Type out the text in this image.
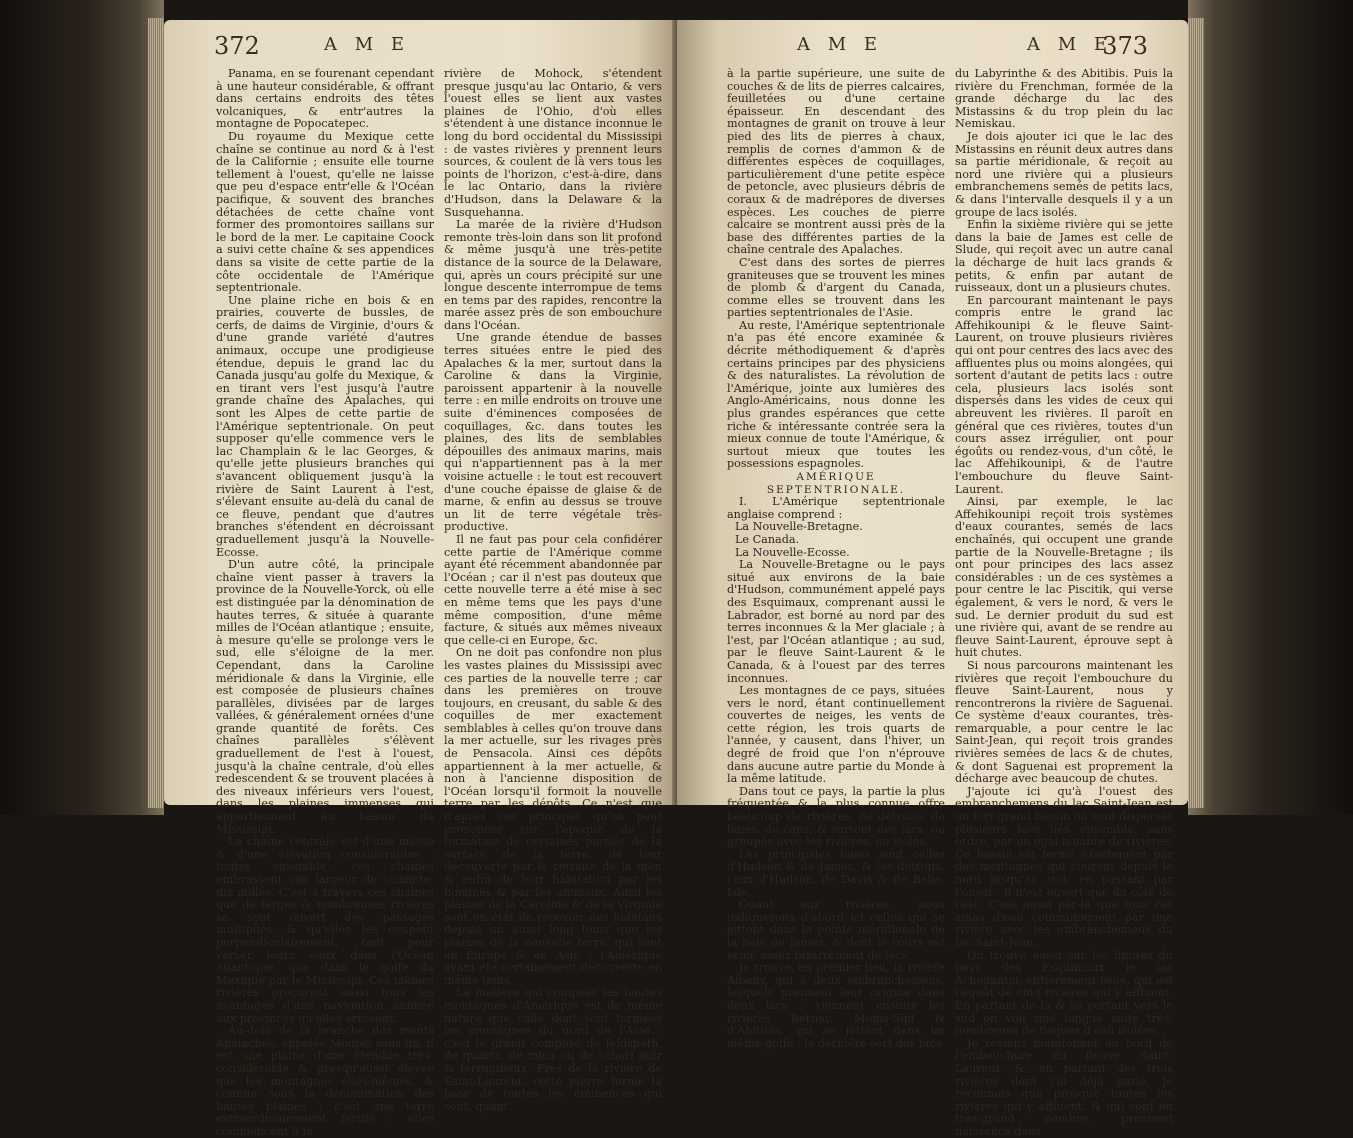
372	A M E

Panama, en se fourenant cependant à une hauteur considérable, & offrant dans certains endroits des têtes volcaniques, & entr'autres la montagne de Popocatepec.

Du royaume du Mexique cette chaîne se continue au nord & à l'est de la Californie ; ensuite elle tourne tellement à l'ouest, qu'elle ne laisse que peu d'espace entr'elle & l'Océan pacifique, & souvent des branches détachées de cette chaîne vont former des promontoires saillans sur le bord de la mer. Le capitaine Coock a suivi cette chaîne & ses appendices dans sa visite de cette partie de la côte occidentale de l'Amérique septentrionale.

Une plaine riche en bois & en prairies, couverte de bussles, de cerfs, de daims de Virginie, d'ours & d'une grande variété d'autres animaux, occupe une prodigieuse étendue, depuis le grand lac du Canada jusqu'au golfe du Mexique, & en tirant vers l'est jusqu'à l'autre grande chaîne des Apalaches, qui sont les Alpes de cette partie de l'Amérique septentrionale. On peut supposer qu'elle commence vers le lac Champlain & le lac Georges, & qu'elle jette plusieurs branches qui s'avancent obliquement jusqu'à la rivière de Saint Laurent à l'est, s'élevant ensuite au-delà du canal de ce fleuve, pendant que d'autres branches s'étendent en décroissant graduellement jusqu'à la Nouvelle-Ecosse.

D'un autre côté, la principale chaîne vient passer à travers la province de la Nouvelle-Yorck, où elle est distinguée par la dénomination de hautes terres, & située à quarante milles de l'Océan atlantique ; ensuite, à mesure qu'elle se prolonge vers le sud, elle s'éloigne de la mer. Cependant, dans la Caroline méridionale & dans la Virginie, elle est composée de plusieurs chaînes parallèles, divisées par de larges vallées, & généralement ornées d'une grande quantité de forêts. Ces chaînes parallèles s'élèvent graduellement de l'est à l'ouest, jusqu'à la chaîne centrale, d'où elles redescendent & se trouvent placées à des niveaux inférieurs vers l'ouest, dans les plaines immenses qui appartiennent au bassin du Mississipi.

La chaîne centrale est d'une masse & d'une élévation considérables : toutes ensemble, ces chaînes embrassent une largeur de soixante-dix milles. C'est à travers ces chaînes que de larges & nombreuses rivières se sont ouvert des passages multipliés, & qu'elles les coupent perpendiculairement, tant pour verser leurs eaux dans l'Océan atlantique, que dans le golfe du Mexique par le Mississipi. Ces mêmes rivières procurent aussi tous les avantages d'une navigation animée aux provinces qu'elles arrosent.

Au-delà de la branche des monts Apalaches, appelée Montes sans fin, il est une plaine d'une étendue très-considérable & presqu'aussi élevée que les montagnes elles-mêmes, & connue sous la dénomination des hautes plaines ; c'est une terre extraordinairement fertile : elles commencent à la

rivière de Mohock, s'étendent presque jusqu'au lac Ontario, & vers l'ouest elles se lient aux vastes plaines de l'Ohio, d'où elles s'étendent à une distance inconnue le long du bord occidental du Mississipi : de vastes rivières y prennent leurs sources, & coulent de là vers tous les points de l'horizon, c'est-à-dire, dans le lac Ontario, dans la rivière d'Hudson, dans la Delaware & la Susquehanna.

La marée de la rivière d'Hudson remonte très-loin dans son lit profond & même jusqu'à une très-petite distance de la source de la Delaware, qui, après un cours précipité sur une longue descente interrompue de tems en tems par des rapides, rencontre la marée assez près de son embouchure dans l'Océan.

Une grande étendue de basses terres situées entre le pied des Apalaches & la mer, surtout dans la Caroline & dans la Virginie, paroissent appartenir à la nouvelle terre : en mille endroits on trouve une suite d'éminences composées de coquillages, &c. dans toutes les plaines, des lits de semblables dépouilles des animaux marins, mais qui n'appartiennent pas à la mer voisine actuelle : le tout est recouvert d'une couche épaisse de glaise & de marne, & enfin au dessus se trouve un lit de terre végétale très-productive.

Il ne faut pas pour cela confidérer cette partie de l'Amérique comme ayant été récemment abandonnée par l'Océan ; car il n'est pas douteux que cette nouvelle terre a été mise à sec en même tems que les pays d'une même composition, d'une même facture, & situés aux mêmes niveaux que celle-ci en Europe, &c.

On ne doit pas confondre non plus les vastes plaines du Mississipi avec ces parties de la nouvelle terre ; car dans les premières on trouve toujours, en creusant, du sable & des coquilles de mer exactement semblables à celles qu'on trouve dans la mer actuelle, sur les rivages près de Pensacola. Ainsi ces dépôts appartiennent à la mer actuelle, & non à l'ancienne disposition de l'Océan lorsqu'il formoit la nouvelle terre par les dépôts. Ce n'est que d'après ces principes qu'on peut prononcer sur l'époque de la formation de certaines parties de la surface de la terre, de leur découverte par la retraite de la mer, & enfin de leur habitation par les hommes & par les animaux. Ainsi les plaines de la Caroline & de la Virginie sont en état de recevoir des habitans depuis un aussi long tems que les plaines de la nouvelle terre, qui sont en Europe & en Asie ; l'Amérique ayant été certainement découverte en même tems.

La matière qui compose les hautes montagnes d'Amérique est de même nature que celle dont sont formées les montagnes du nord de l'Asie : c'est le granit composé de feldspath, de quartz, de mica ou de schorl noir & ferrugineux. Près de la rivière de Saint-Laurent, cette pierre forme la base de toutes les éminences qui sont, quant

A M E	A M E
373

à la partie supérieure, une suite de couches & de lits de pierres calcaires, feuilletées ou d'une certaine épaisseur. En descendant des montagnes de granit on trouve à leur pied des lits de pierres à chaux, remplis de cornes d'ammon & de différentes espèces de coquillages, particulièrement d'une petite espèce de petoncle, avec plusieurs débris de coraux & de madrépores de diverses espèces. Les couches de pierre calcaire se montrent aussi près de la base des différentes parties de la chaîne centrale des Apalaches.

C'est dans des sortes de pierres graniteuses que se trouvent les mines de plomb & d'argent du Canada, comme elles se trouvent dans les parties septentrionales de l'Asie.

Au reste, l'Amérique septentrionale n'a pas été encore examinée & décrite méthodiquement & d'après certains principes par des physiciens & des naturalistes. La révolution de l'Amérique, jointe aux lumières des Anglo-Américains, nous donne les plus grandes espérances que cette riche & intéressante contrée sera la mieux connue de toute l'Amérique, & surtout mieux que toutes les possessions espagnoles.

AMÉRIQUE SEPTENTRIONALE.

I. L'Amérique septentrionale anglaise comprend :

La Nouvelle-Bretagne.

Le Canada.

La Nouvelle-Ecosse.

La Nouvelle-Bretagne ou le pays situé aux environs de la baie d'Hudson, communément appelé pays des Esquimaux, comprenant aussi le Labrador, est borné au nord par des terres inconnues & la Mer glaciale ; à l'est, par l'Océan atlantique ; au sud, par le fleuve Saint-Laurent & le Canada, & à l'ouest par des terres inconnues.

Les montagnes de ce pays, situées vers le nord, étant continuellement couvertes de neiges, les vents de cette région, les trois quarts de l'année, y causent, dans l'hiver, un degré de froid que l'on n'éprouve dans aucune autre partie du Monde à la même latitude.

Dans tout ce pays, la partie la plus fréquentée & la plus connue offre beaucoup de rivières, de détroits, de baies, de caps, & surtout des lacs, ou groupés avec les rivières, ou isolés.

Les principales baies sont celles d'Hudson & de James, & les détroits, ceux d'Hudson, de Davis & de Belle-Isle.

Quant aux rivières, nous indiquerons d'abord ici celles qui se jettent dans la pointe méridionale de la baie de James, & dont le cours est semé assez bizarrement de lacs.

Je trouve, en premier lieu, la rivière Albany, qui a deux embranchemens, lesquels prennent leur origine dans deux lacs ; viennent ensuite les rivières Bernay, Monsi-Sipi & d'Abitibis, qui se jettent dans un même golfe : la dernière sort des lacs

du Labyrinthe & des Abitibis. Puis la rivière du Frenchman, formée de la grande décharge du lac des Mistassins & du trop plein du lac Nemiskau.

Je dois ajouter ici que le lac des Mistassins en réunit deux autres dans sa partie méridionale, & reçoit au nord une rivière qui a plusieurs embranchemens semés de petits lacs, & dans l'intervalle desquels il y a un groupe de lacs isolés.

Enfin la sixième rivière qui se jette dans la baie de James est celle de Slude, qui reçoit avec un autre canal la décharge de huit lacs grands & petits, & enfin par autant de ruisseaux, dont un a plusieurs chutes.

En parcourant maintenant le pays compris entre le grand lac Affehikounipi & le fleuve Saint-Laurent, on trouve plusieurs rivières qui ont pour centres des lacs avec des affluentes plus ou moins alongées, qui sortent d'autant de petits lacs : outre cela, plusieurs lacs isolés sont dispersés dans les vides de ceux qui abreuvent les rivières. Il paroît en général que ces rivières, toutes d'un cours assez irrégulier, ont pour égoûts ou rendez-vous, d'un côté, le lac Affehikounipi, & de l'autre l'embouchure du fleuve Saint-Laurent.

Ainsi, par exemple, le lac Affehikounipi reçoit trois systèmes d'eaux courantes, semés de lacs enchaînés, qui occupent une grande partie de la Nouvelle-Bretagne ; ils ont pour principes des lacs assez considérables : un de ces systèmes a pour centre le lac Piscitik, qui verse également, & vers le nord, & vers le sud. Le dernier produit du sud est une rivière qui, avant de se rendre au fleuve Saint-Laurent, éprouve sept à huit chutes.

Si nous parcourons maintenant les rivières que reçoit l'embouchure du fleuve Saint-Laurent, nous y rencontrerons la rivière de Saguenai. Ce système d'eaux courantes, très-remarquable, a pour centre le lac Saint-Jean, qui reçoit trois grandes rivières semées de lacs & de chutes, & dont Saguenai est proprement la décharge avec beaucoup de chutes.

J'ajoute ici qu'à l'ouest des embranchemens du lac Saint-Jean est un fort grand bassin où sont dispersés plusieurs lacs liés ensemble, sans ordre, par un égal nombre de rivières. Ce bassin est fermé exactement par des montagnes qui courent depuis le nord jusqu'au sud, en passant par l'ouest : il n'est ouvert que du côté de l'est. C'est aussi par-là que tous ces amas d'eau communiquent par une rivière avec les embranchemens du lac Saint-Jean.

On trouve aussi sur les limites du pays des Esquimaux le lac Achouanipi, entièrement isolé, qui est l'égoût de cinq rivières qui y affluent. En partant de là & se portant vers le sud on voit une longue suite très-nombreuse de flaques d'eau isolées.

Je reviens maintenant au bord de l'embouchure du fleuve Saint-Laurent, &, en partant des trois rivières dont j'ai déjà parlé, je reconnois que presque toutes les rivières qui y affluent, & qui sont en très-grand nombre, prennent naissance dans
